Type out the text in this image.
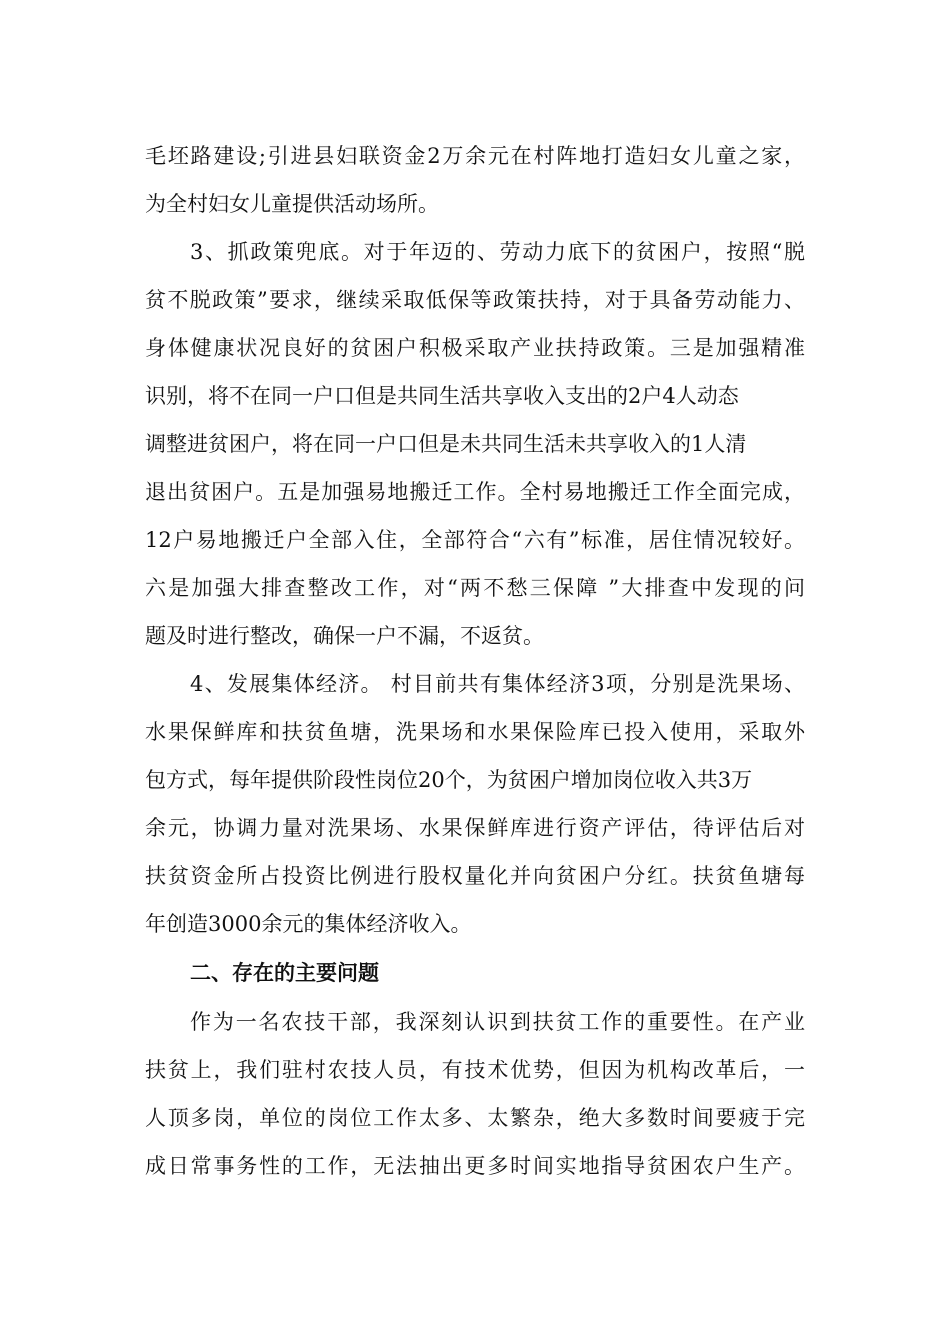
毛坯路建设;引进县妇联资金2万余元在村阵地打造妇女儿童之家，
为全村妇女儿童提供活动场所。
3、抓政策兜底。对于年迈的、劳动力底下的贫困户，按照“脱
贫不脱政策”要求，继续采取低保等政策扶持，对于具备劳动能力、
身体健康状况良好的贫困户积极采取产业扶持政策。三是加强精准
识别，将不在同一户口但是共同生活共享收入支出的2户4人动态
调整进贫困户，将在同一户口但是未共同生活未共享收入的1人清
退出贫困户。五是加强易地搬迁工作。全村易地搬迁工作全面完成，
12户易地搬迁户全部入住，全部符合“六有”标准，居住情况较好。
六是加强大排查整改工作，对“两不愁三保障 ”大排查中发现的问
题及时进行整改，确保一户不漏，不返贫。
4、发展集体经济。 村目前共有集体经济3项，分别是洗果场、
水果保鲜库和扶贫鱼塘，洗果场和水果保险库已投入使用，采取外
包方式，每年提供阶段性岗位20个，为贫困户增加岗位收入共3万
余元，协调力量对洗果场、水果保鲜库进行资产评估，待评估后对
扶贫资金所占投资比例进行股权量化并向贫困户分红。扶贫鱼塘每
年创造3000余元的集体经济收入。
二、存在的主要问题
作为一名农技干部，我深刻认识到扶贫工作的重要性。在产业
扶贫上，我们驻村农技人员，有技术优势，但因为机构改革后，一
人顶多岗，单位的岗位工作太多、太繁杂，绝大多数时间要疲于完
成日常事务性的工作，无法抽出更多时间实地指导贫困农户生产。
